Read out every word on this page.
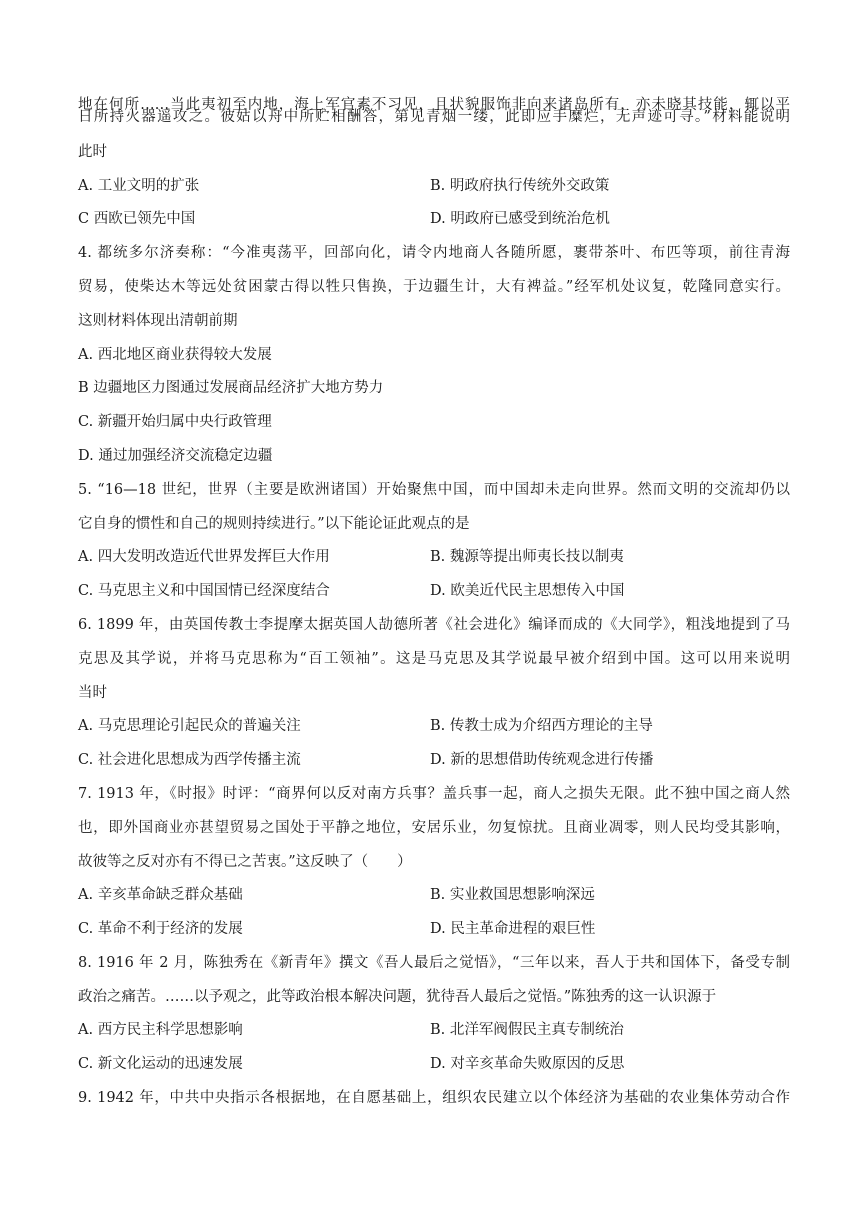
地在何所……当此夷初至内地，海上军官素不习见，且状貌服饰非向来诸岛所有，亦未晓其技能，辄以平
日所持火器遥攻之。彼姑以舟中所贮相酬答，第见青烟一缕，此即应手糜烂，无声迹可寻。”材料能说明
此时
A. 工业文明的扩张	B. 明政府执行传统外交政策
C 西欧已领先中国	D. 明政府已感受到统治危机
4. 都统多尔济奏称：“今准夷荡平，回部向化，请令内地商人各随所愿，裹带茶叶、布匹等项，前往青海
贸易，使柴达木等远处贫困蒙古得以牲只售换，于边疆生计，大有裨益。”经军机处议复，乾隆同意实行。
这则材料体现出清朝前期
A. 西北地区商业获得较大发展
B 边疆地区力图通过发展商品经济扩大地方势力
C. 新疆开始归属中央行政管理
D. 通过加强经济交流稳定边疆
5. “16—18 世纪，世界（主要是欧洲诸国）开始聚焦中国，而中国却未走向世界。然而文明的交流却仍以
它自身的惯性和自己的规则持续进行。”以下能论证此观点的是
A. 四大发明改造近代世界发挥巨大作用	B. 魏源等提出师夷长技以制夷
C. 马克思主义和中国国情已经深度结合	D. 欧美近代民主思想传入中国
6. 1899 年，由英国传教士李提摩太据英国人劼德所著《社会进化》编译而成的《大同学》，粗浅地提到了马
克思及其学说，并将马克思称为“百工领袖”。这是马克思及其学说最早被介绍到中国。这可以用来说明
当时
A. 马克思理论引起民众的普遍关注	B. 传教士成为介绍西方理论的主导
C. 社会进化思想成为西学传播主流	D. 新的思想借助传统观念进行传播
7. 1913 年，《时报》时评：“商界何以反对南方兵事？盖兵事一起，商人之损失无限。此不独中国之商人然
也，即外国商业亦甚望贸易之国处于平静之地位，安居乐业，勿复惊扰。且商业凋零，则人民均受其影响，
故彼等之反对亦有不得已之苦衷。”这反映了（　　）
A. 辛亥革命缺乏群众基础	B. 实业救国思想影响深远
C. 革命不利于经济的发展	D. 民主革命进程的艰巨性
8. 1916 年 2 月，陈独秀在《新青年》撰文《吾人最后之觉悟》，“三年以来，吾人于共和国体下，备受专制
政治之痛苦。……以予观之，此等政治根本解决问题，犹待吾人最后之觉悟。”陈独秀的这一认识源于
A. 西方民主科学思想影响	B. 北洋军阀假民主真专制统治
C. 新文化运动的迅速发展	D. 对辛亥革命失败原因的反思
9. 1942 年，中共中央指示各根据地，在自愿基础上，组织农民建立以个体经济为基础的农业集体劳动合作
